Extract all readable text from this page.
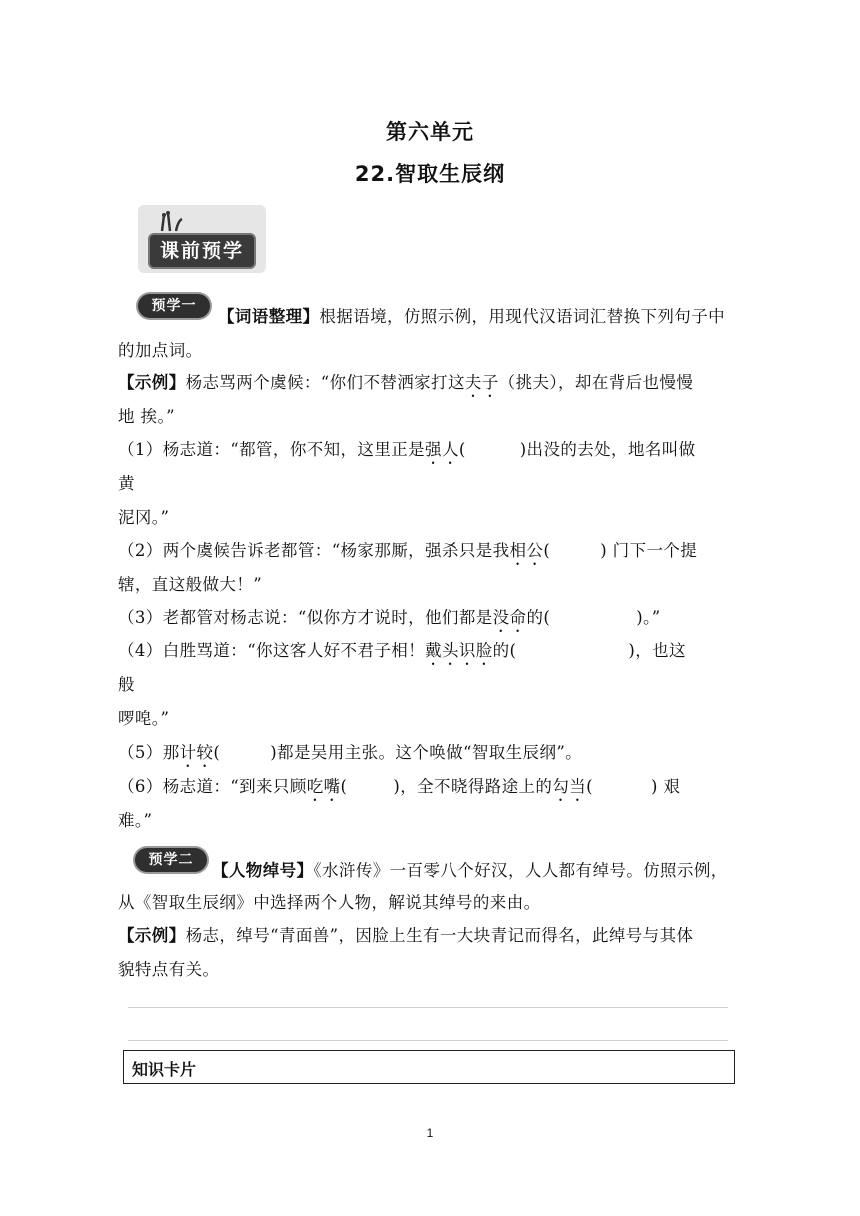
第六单元
22.智取生辰纲
课前预学
预学一
【词语整理】根据语境，仿照示例，用现代汉语词汇替换下列句子中
的加点词。
【示例】杨志骂两个虞候：“你们不替洒家打这夫子（挑夫），却在背后也慢慢
地 挨。”
（1）杨志道：“都管，你不知，这里正是强人(	)出没的去处，地名叫做
黄
泥冈。”
（2）两个虞候告诉老都管：“杨家那厮，强杀只是我相公(	) 门下一个提
辖，直这般做大！”
（3）老都管对杨志说：“似你方才说时，他们都是没命的(	)。”
（4）白胜骂道：“你这客人好不君子相！戴头识脸的(	)，也这
般
啰唣。”
（5）那计较(	)都是吴用主张。这个唤做“智取生辰纲”。
（6）杨志道：“到来只顾吃嘴(	)，全不晓得路途上的勾当(	) 艰
难。”
预学二
【人物绰号】《水浒传》一百零八个好汉，人人都有绰号。仿照示例，
从《智取生辰纲》中选择两个人物，解说其绰号的来由。
【示例】杨志，绰号“青面兽”，因脸上生有一大块青记而得名，此绰号与其体
貌特点有关。
知识卡片
1
